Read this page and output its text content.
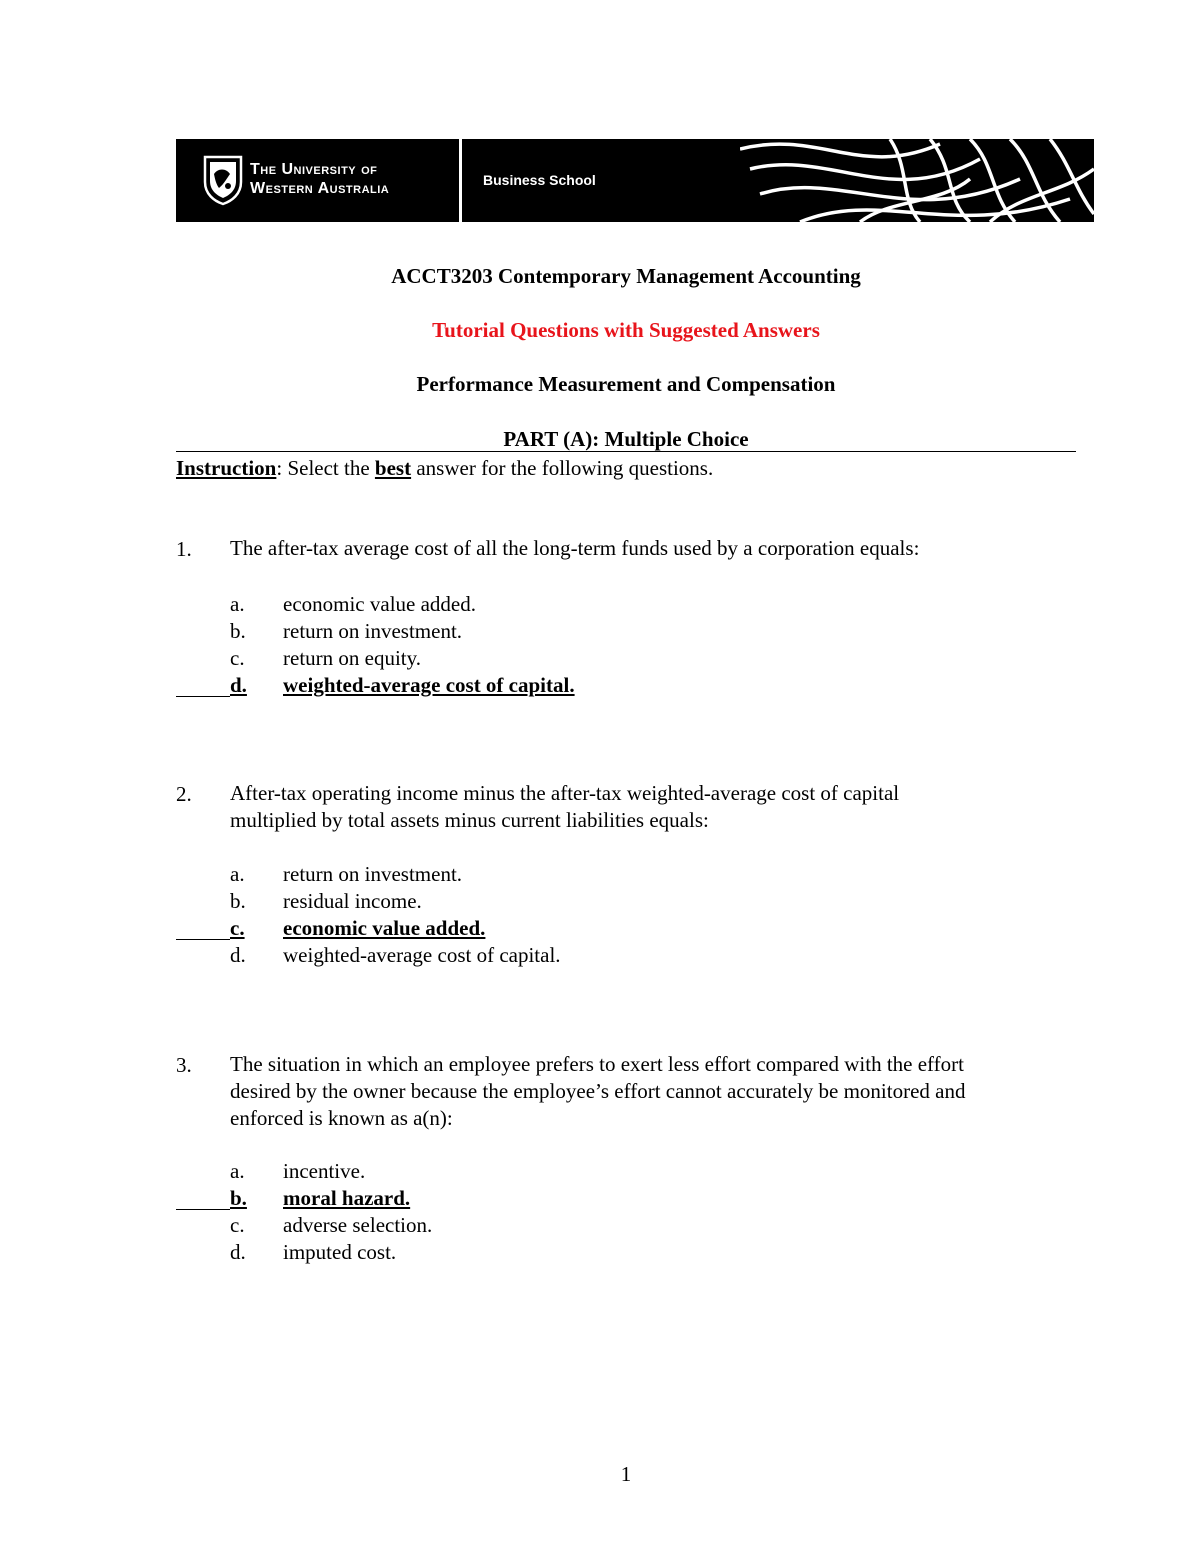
The University of
Western Australia	Business School
ACCT3203 Contemporary Management Accounting
Tutorial Questions with Suggested Answers
Performance Measurement and Compensation
PART (A): Multiple Choice
Instruction: Select the best answer for the following questions.
1. The after-tax average cost of all the long-term funds used by a corporation equals:
a. economic value added.
b. return on investment.
c. return on equity.
d. weighted-average cost of capital.
2. After-tax operating income minus the after-tax weighted-average cost of capital
multiplied by total assets minus current liabilities equals:
a. return on investment.
b. residual income.
c. economic value added.
d. weighted-average cost of capital.
3. The situation in which an employee prefers to exert less effort compared with the effort
desired by the owner because the employee’s effort cannot accurately be monitored and
enforced is known as a(n):
a. incentive.
b. moral hazard.
c. adverse selection.
d. imputed cost.
1
